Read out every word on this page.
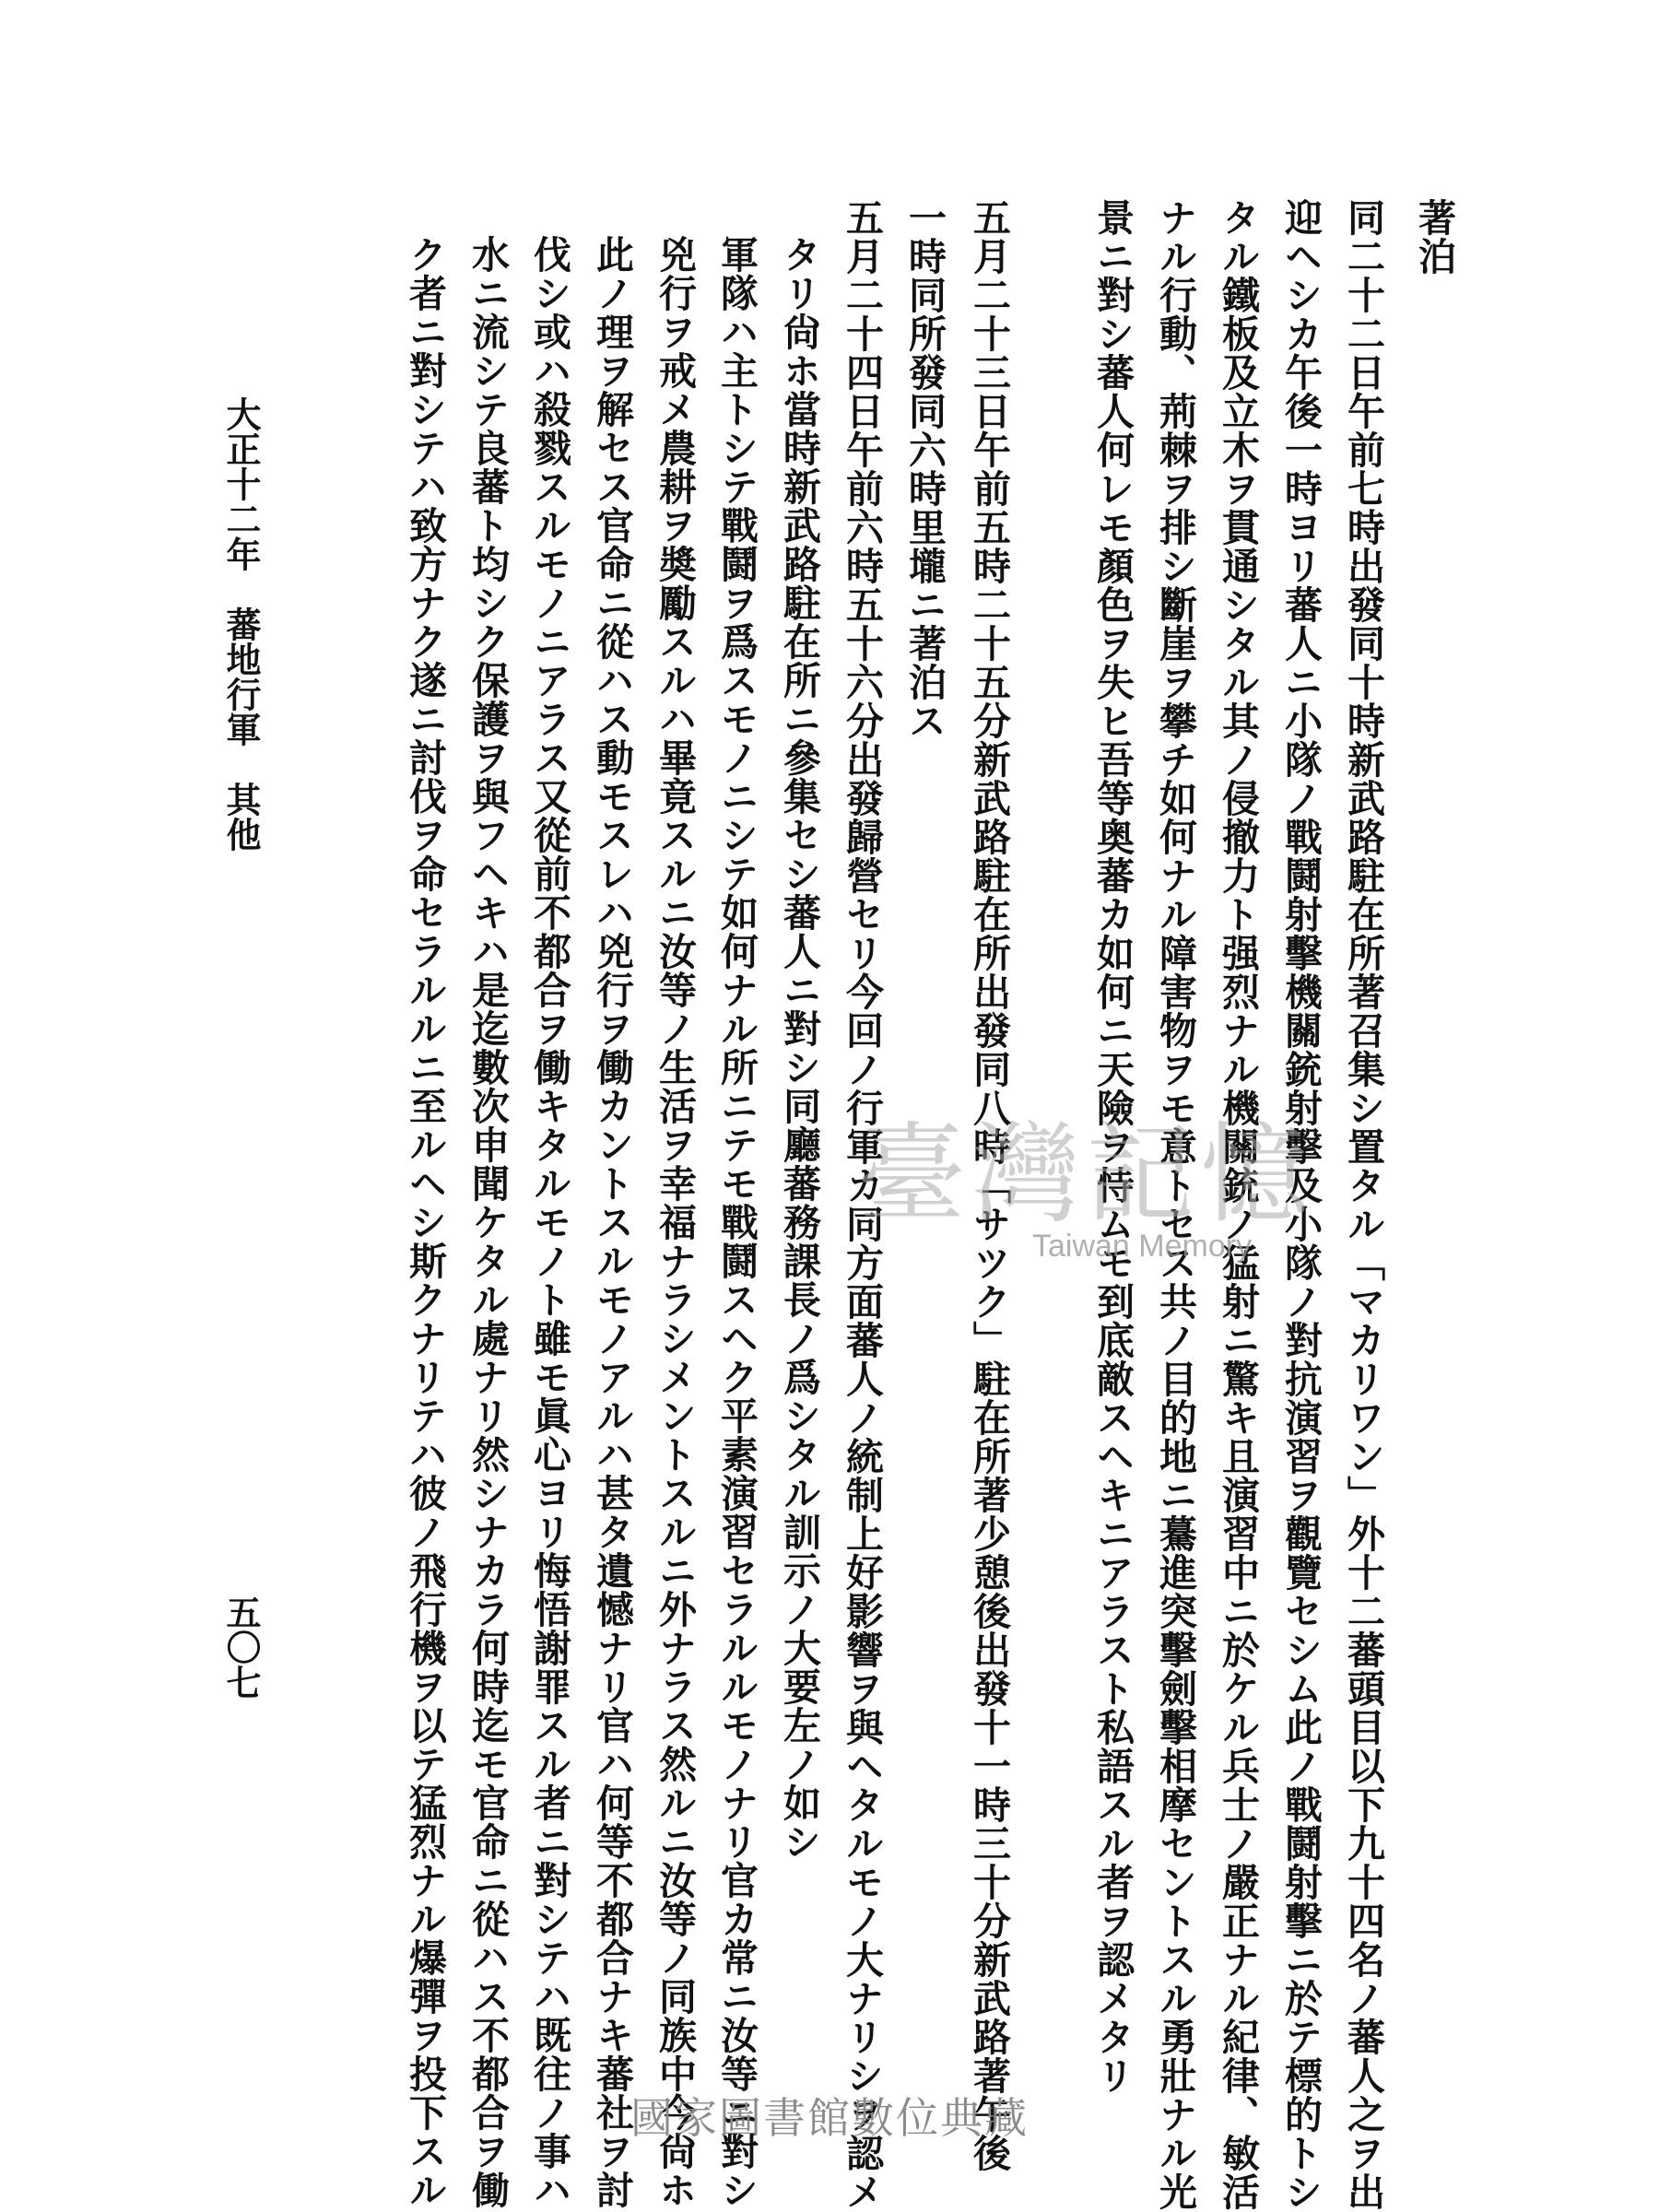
著泊
同二十二日午前七時出發同十時新武路駐在所著召集シ置タル「マカリワン」外十二蕃頭目以下九十四名ノ蕃人之ヲ出
迎ヘシカ午後一時ヨリ蕃人ニ小隊ノ戰鬪射擊機關銃射擊及小隊ノ對抗演習ヲ觀覽セシム此ノ戰鬪射擊ニ於テ標的トシ
タル鐵板及立木ヲ貫通シタル其ノ侵撤力ト强烈ナル機關銃ノ猛射ニ驚キ且演習中ニ於ケル兵士ノ嚴正ナル紀律、敏活
ナル行動、荊棘ヲ排シ斷崖ヲ攀チ如何ナル障害物ヲモ意トセス共ノ目的地ニ驀進突擊劍擊相摩セントスル勇壯ナル光
景ニ對シ蕃人何レモ顏色ヲ失ヒ吾等奥蕃カ如何ニ天險ヲ恃ムモ到底敵スヘキニアラスト私語スル者ヲ認メタリ
五月二十三日午前五時二十五分新武路駐在所出發同八時「サツク」駐在所著少憩後出發十一時三十分新武路著午後
一時同所發同六時里壠ニ著泊ス
五月二十四日午前六時五十六分出發歸營セリ今回ノ行軍カ同方面蕃人ノ統制上好影響ヲ與ヘタルモノ大ナリシヲ認メ
タリ尙ホ當時新武路駐在所ニ參集セシ蕃人ニ對シ同廳蕃務課長ノ爲シタル訓示ノ大要左ノ如シ
軍隊ハ主トシテ戰鬪ヲ爲スモノニシテ如何ナル所ニテモ戰鬪スヘク平素演習セラルルモノナリ官カ常ニ汝等ニ對シ
兇行ヲ戒メ農耕ヲ奬勵スルハ畢竟スルニ汝等ノ生活ヲ幸福ナラシメントスルニ外ナラス然ルニ汝等ノ同族中今尙ホ
此ノ理ヲ解セス官命ニ從ハス動モスレハ兇行ヲ働カントスルモノアルハ甚タ遺憾ナリ官ハ何等不都合ナキ蕃社ヲ討
伐シ或ハ殺戮スルモノニアラス又從前不都合ヲ働キタルモノト雖モ眞心ヨリ悔悟謝罪スル者ニ對シテハ既往ノ事ハ
水ニ流シテ良蕃ト均シク保護ヲ與フヘキハ是迄數次申聞ケタル處ナリ然シナカラ何時迄モ官命ニ從ハス不都合ヲ働
ク者ニ對シテハ致方ナク遂ニ討伐ヲ命セラルルニ至ルヘシ斯クナリテハ彼ノ飛行機ヲ以テ猛烈ナル爆彈ヲ投下スル
大正十二年　蕃地行軍　其他
五〇七
臺灣記憶
Taiwan Memory
國家圖書館數位典藏
